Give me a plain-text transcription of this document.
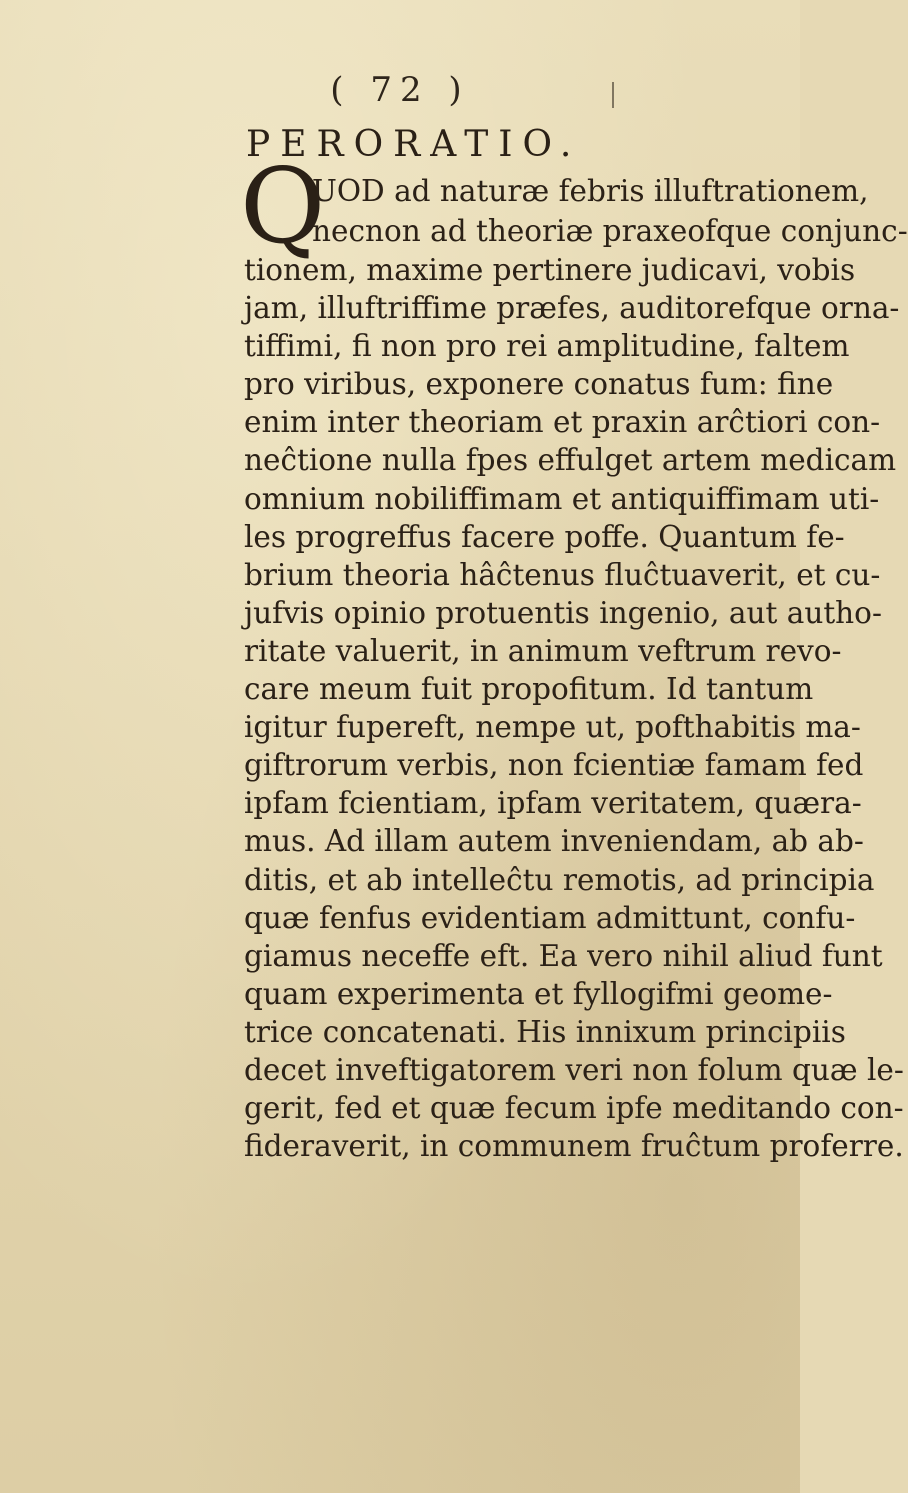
( 72 )
PERORATIO.
Q
UOD ad naturæ febris illuftrationem,
necnon ad theoriæ praxeofque conjunc-
tionem, maxime pertinere judicavi, vobis
jam, illuftriffime præfes, auditorefque orna-
tiffimi, fi non pro rei amplitudine, faltem
pro viribus, exponere conatus fum: fine
enim inter theoriam et praxin arĉtiori con-
neĉtione nulla fpes effulget artem medicam
omnium nobiliffimam et antiquiffimam uti-
les progreffus facere poffe. Quantum fe-
brium theoria hâĉtenus fluĉtuaverit, et cu-
jufvis opinio protuentis ingenio, aut autho-
ritate valuerit, in animum veftrum revo-
care meum fuit propofitum. Id tantum
igitur fupereft, nempe ut, pofthabitis ma-
giftrorum verbis, non fcientiæ famam fed
ipfam fcientiam, ipfam veritatem, quæra-
mus. Ad illam autem inveniendam, ab ab-
ditis, et ab intelleĉtu remotis, ad principia
quæ fenfus evidentiam admittunt, confu-
giamus neceffe eft. Ea vero nihil aliud funt
quam experimenta et fyllogifmi geome-
trice concatenati. His innixum principiis
decet inveftigatorem veri non folum quæ le-
gerit, fed et quæ fecum ipfe meditando con-
fideraverit, in communem fruĉtum proferre.
